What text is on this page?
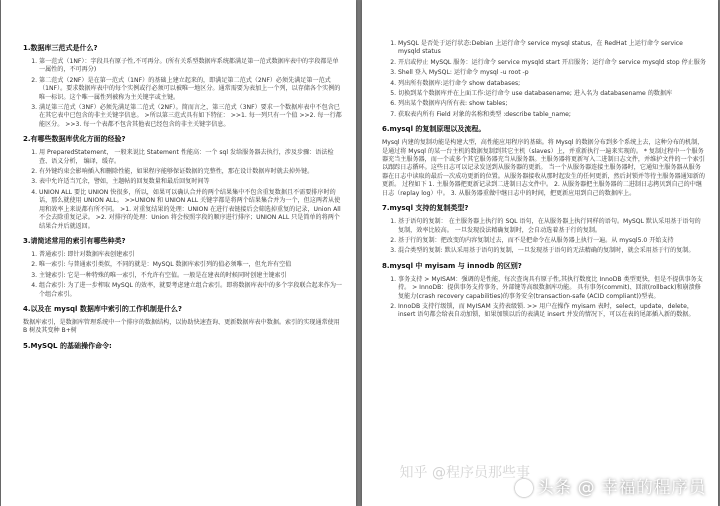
1.数据库三范式是什么?
1. 第一范式（1NF）：字段具有原子性,不可再分。(所有关系型数据库系统都满足第一范式数据库表中的字段都是单一属性的，不可再分)
2. 第二范式（2NF）是在第一范式（1NF）的基础上建立起来的，即满足第二范式（2NF）必须先满足第一范式（1NF）。要求数据库表中的每个实例或行必须可以被唯一地区分。通常需要为表加上一个列，以存储各个实例的唯一标识。这个唯一属性列被称为主关键字或主键。
3. 满足第三范式（3NF）必须先满足第二范式（2NF）。简而言之，第三范式（3NF）要求一个数据库表中不包含已在其它表中已包含的非主关键字信息。 >所以第三范式具有如下特征： >>1. 每一列只有一个值 >>2. 每一行都能区分。 >>3. 每一个表都不包含其他表已经包含的非主关键字信息。
2.有哪些数据库优化方面的经验?
1. 用 PreparedStatement， 一般来说比 Statement 性能高：一个 sql 发给服务器去执行，涉及步骤：语法检查、语义分析， 编译，缓存。
2. 有外键约束会影响插入和删除性能，如果程序能够保证数据的完整性，那在设计数据库时就去掉外键。
3. 表中允许适当冗余，譬如，主题帖的回复数量和最后回复时间等
4. UNION ALL 要比 UNION 快很多，所以，如果可以确认合并的两个结果集中不包含重复数据且不需要排序时的话，那么就使用 UNION ALL。 >>UNION 和 UNION ALL 关键字都是将两个结果集合并为一个，但这两者从使用和效率上来说都有所不同。 >1. 对重复结果的处理：UNION 在进行表链接后会筛选掉重复的记录，Union All 不会去除重复记录。 >2. 对排序的处理：Union 将会按照字段的顺序进行排序；UNION ALL 只是简单的将两个结果合并后就返回。
3.请简述常用的索引有哪些种类?
1. 普通索引: 即针对数据库表创建索引
2. 唯一索引: 与普通索引类似，不同的就是：MySQL 数据库索引列的值必须唯一，但允许有空值
3. 主键索引: 它是一种特殊的唯一索引，不允许有空值。一般是在建表的时候同时创建主键索引
4. 组合索引: 为了进一步榨取 MySQL 的效率，就要考虑建立组合索引。即将数据库表中的多个字段联合起来作为一个组合索引。
4.以及在 mysql 数据库中索引的工作机制是什么?

数据库索引，是数据库管理系统中一个排序的数据结构，以协助快速查询、更新数据库表中数据。索引的实现通常使用 B 树及其变种 B+树

5.MySQL 的基础操作命令:
1. MySQL 是否处于运行状态:Debian 上运行命令 service mysql status，在 RedHat 上运行命令 service mysqld status
2. 开启或停止 MySQL 服务：运行命令 service mysqld start 开启服务；运行命令 service mysqld stop 停止服务
3. Shell 登入 MySQL: 运行命令 mysql -u root -p
4. 列出所有数据库:运行命令 show databases;
5. 切换到某个数据库并在上面工作:运行命令 use databasename; 进入名为 databasename 的数据库
6. 列出某个数据库内所有表: show tables;
7. 获取表内所有 Field 对象的名称和类型 :describe table_name;
6.mysql 的复制原理以及流程。

Mysql 内建的复制功能是构建大型，高性能应用程序的基础。将 Mysql 的数据分布到多个系统上去，这种分布的机制，是通过将 Mysql 的某一台主机的数据复制到其它主机（slaves）上，并重新执行一遍来实现的。 * 复制过程中一个服务器充当主服务器，而一个或多个其它服务器充当从服务器。主服务器将更新写入二进制日志文件，并维护文件的一个索引以跟踪日志循环。这些日志可以记录发送到从服务器的更新。 当一个从服务器连接主服务器时，它通知主服务器从服务器在日志中读取的最后一次成功更新的位置。从服务器接收从那时起发生的任何更新，然后封锁并等待主服务器通知新的更新。 过程如下 1. 主服务器把更新记录到二进制日志文件中。 2. 从服务器把主服务器的二进制日志拷贝到自己的中继日志（replay log）中。 3. 从服务器重做中继日志中的时间，把更新应用到自己的数据库上。

7.mysql 支持的复制类型?
1. 基于语句的复制： 在主服务器上执行的 SQL 语句，在从服务器上执行同样的语句。MySQL 默认采用基于语句的复制，效率比较高。 一旦发现没法精确复制时，会自动选着基于行的复制。
2. 基于行的复制：把改变的内容复制过去，而不是把命令在从服务器上执行一遍。从 mysql5.0 开始支持
3. 混合类型的复制: 默认采用基于语句的复制，一旦发现基于语句的无法精确的复制时，就会采用基于行的复制。
8.mysql 中 myisam 与 innodb 的区别?
1. 事务支持 > MyISAM：强调的是性能，每次查询具有原子性,其执行数度比 InnoDB 类型更快，但是不提供事务支持。 > InnoDB：提供事务支持事务，外部键等高级数据库功能。 具有事务(commit)、回滚(rollback)和崩溃修复能力(crash recovery capabilities)的事务安全(transaction-safe (ACID compliant))型表。
2. InnoDB 支持行级锁，而 MyISAM 支持表级锁. >> 用户在操作 myisam 表时，select，update，delete，insert 语句都会给表自动加锁，如果加锁以后的表满足 insert 并发的情况下，可以在表的尾部插入新的数据。
知乎 @程序员那些事
头条 @ 幸福的程序员
